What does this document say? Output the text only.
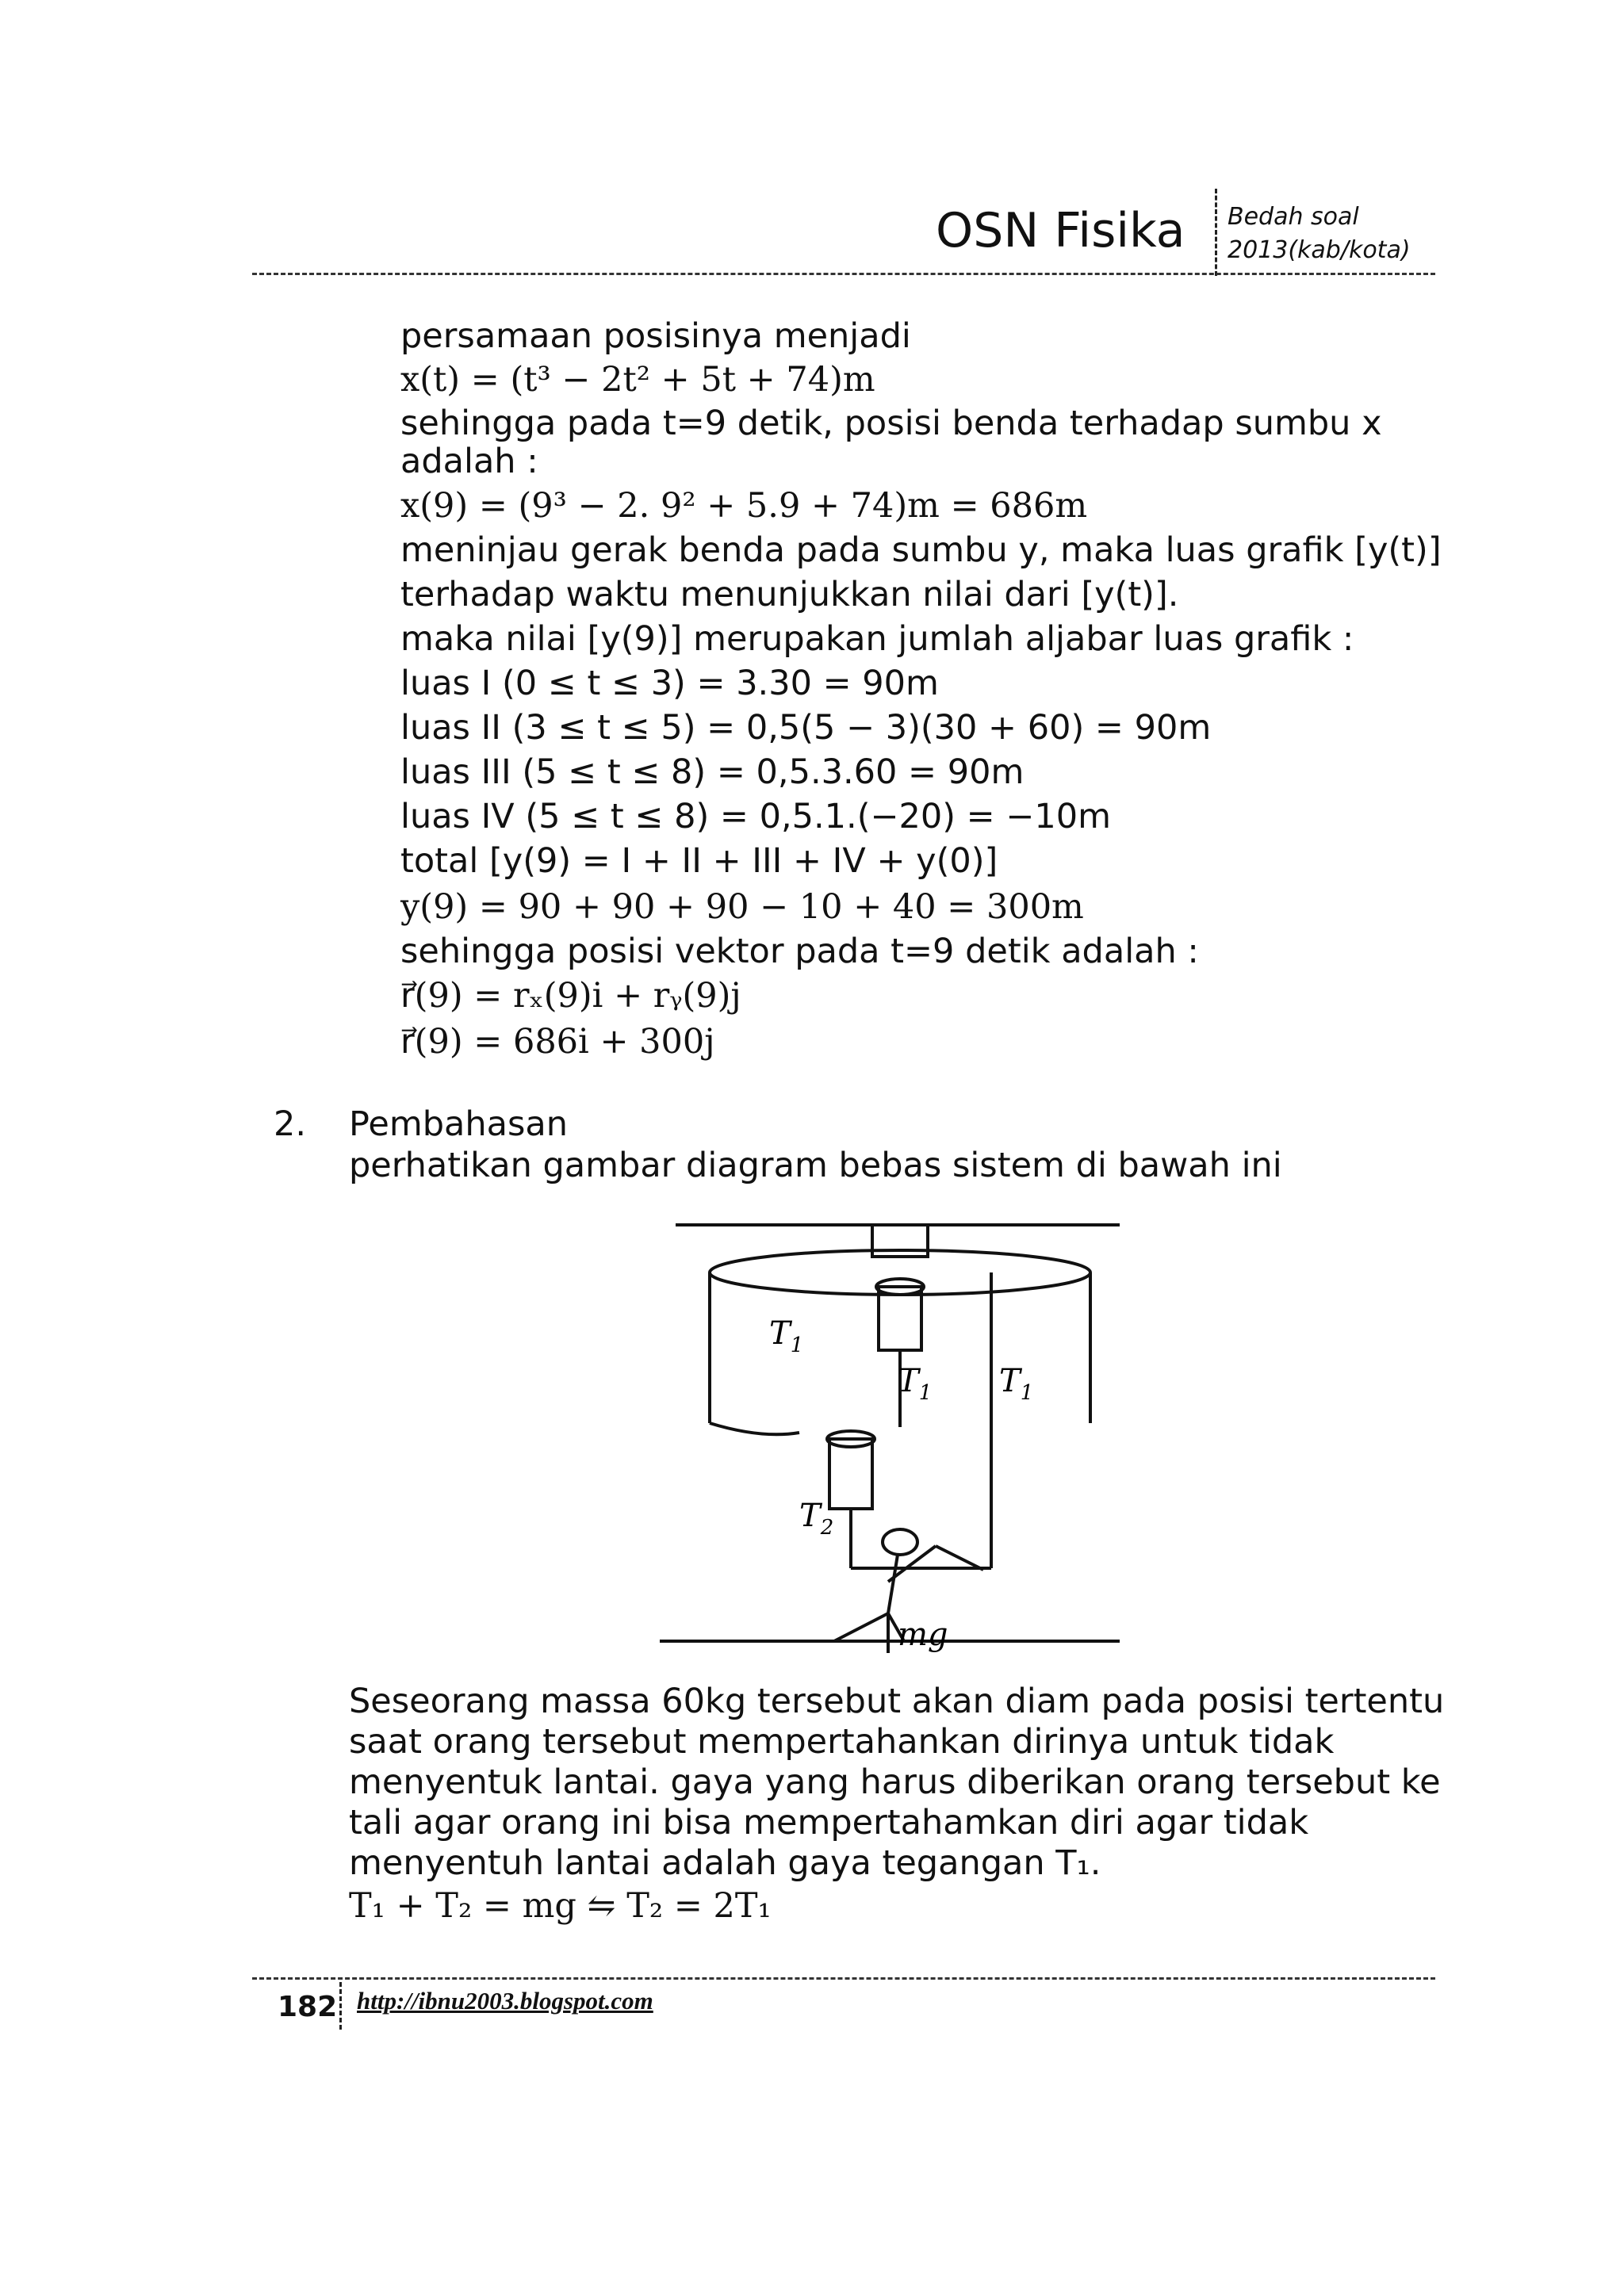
OSN Fisika Bedah soal
2013(kab/kota)
persamaan posisinya menjadi
x(t) = (t³ − 2t² + 5t + 74)m
sehingga pada t=9 detik, posisi benda terhadap sumbu x
adalah :
x(9) = (9³ − 2. 9² + 5.9 + 74)m = 686m
meninjau gerak benda pada sumbu y, maka luas grafik [y(t)]
terhadap waktu menunjukkan nilai dari [y(t)].
maka nilai [y(9)] merupakan jumlah aljabar luas grafik :
luas I (0 ≤ t ≤ 3) = 3.30 = 90m
luas II (3 ≤ t ≤ 5) = 0,5(5 − 3)(30 + 60) = 90m
luas III (5 ≤ t ≤ 8) = 0,5.3.60 = 90m
luas IV (5 ≤ t ≤ 8) = 0,5.1.(−20) = −10m
total [y(9) = I + II + III + IV + y(0)]
y(9) = 90 + 90 + 90 − 10 + 40 = 300m
sehingga posisi vektor pada t=9 detik adalah :
r⃗(9) = rₓ(9)i + rᵧ(9)j
r⃗(9) = 686i + 300j
2. Pembahasan
perhatikan gambar diagram bebas sistem di bawah ini
$T_1$
$T_1$ $T_1$
$T_2$
mg
Seseorang massa 60kg tersebut akan diam pada posisi tertentu
saat orang tersebut mempertahankan dirinya untuk tidak
menyentuk lantai. gaya yang harus diberikan orang tersebut ke
tali agar orang ini bisa mempertahamkan diri agar tidak
menyentuh lantai adalah gaya tegangan T₁.
T₁ + T₂ = mg ⇋ T₂ = 2T₁
182 http://ibnu2003.blogspot.com
